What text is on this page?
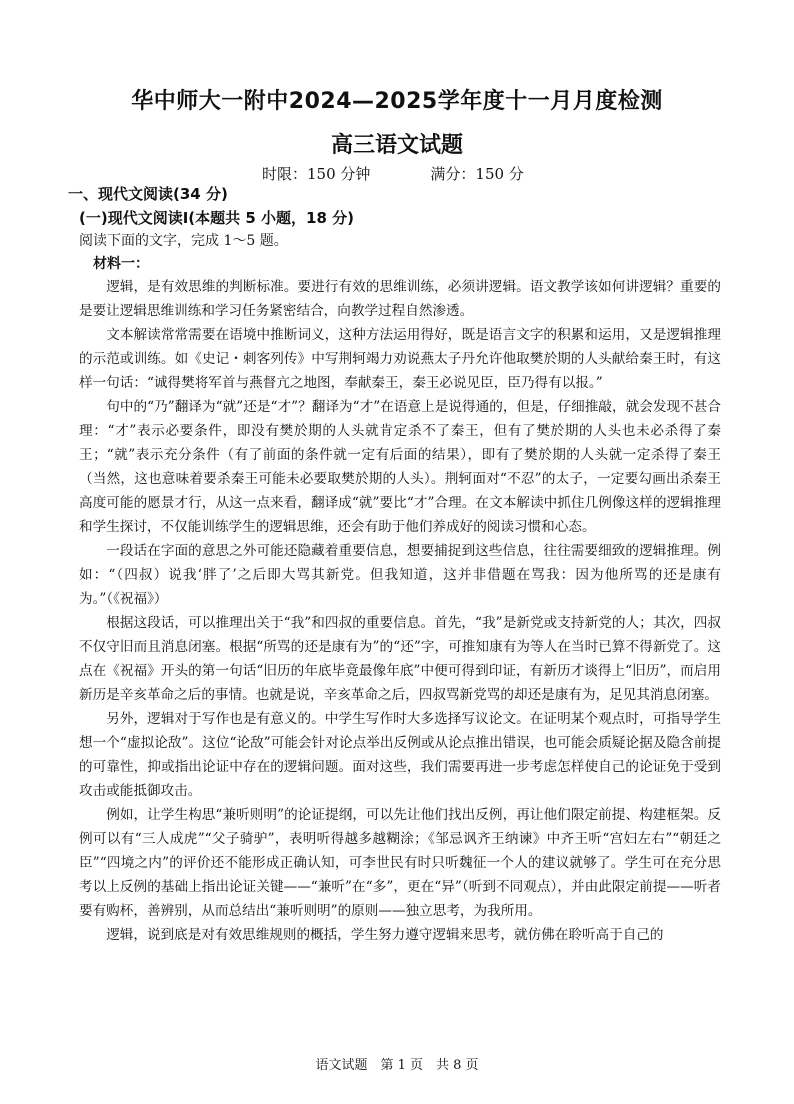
华中师大一附中2024—2025学年度十一月月度检测
高三语文试题
时限：150 分钟	满分：150 分
一、现代文阅读(34 分)
(一)现代文阅读Ⅰ(本题共 5 小题，18 分)
阅读下面的文字，完成 1～5 题。
材料一：

逻辑，是有效思维的判断标准。要进行有效的思维训练，必须讲逻辑。语文教学该如何讲逻辑？重要的是要让逻辑思维训练和学习任务紧密结合，向教学过程自然渗透。

文本解读常常需要在语境中推断词义，这种方法运用得好，既是语言文字的积累和运用，又是逻辑推理的示范或训练。如《史记・刺客列传》中写荆轲竭力劝说燕太子丹允许他取樊於期的人头献给秦王时，有这样一句话：“诚得樊将军首与燕督亢之地图，奉献秦王，秦王必说见臣，臣乃得有以报。”

句中的“乃”翻译为“就”还是“才”？翻译为“才”在语意上是说得通的，但是，仔细推敲，就会发现不甚合理：“才”表示必要条件，即没有樊於期的人头就肯定杀不了秦王，但有了樊於期的人头也未必杀得了秦王；“就”表示充分条件（有了前面的条件就一定有后面的结果），即有了樊於期的人头就一定杀得了秦王（当然，这也意味着要杀秦王可能未必要取樊於期的人头）。荆轲面对“不忍”的太子，一定要勾画出杀秦王高度可能的愿景才行，从这一点来看，翻译成“就”要比“才”合理。在文本解读中抓住几例像这样的逻辑推理和学生探讨，不仅能训练学生的逻辑思维，还会有助于他们养成好的阅读习惯和心态。

一段话在字面的意思之外可能还隐藏着重要信息，想要捕捉到这些信息，往往需要细致的逻辑推理。例如：“（四叔）说我‘胖了’之后即大骂其新党。但我知道，这并非借题在骂我：因为他所骂的还是康有为。”（《祝福》）

根据这段话，可以推理出关于“我”和四叔的重要信息。首先，“我”是新党或支持新党的人；其次，四叔不仅守旧而且消息闭塞。根据“所骂的还是康有为”的“还”字，可推知康有为等人在当时已算不得新党了。这点在《祝福》开头的第一句话“旧历的年底毕竟最像年底”中便可得到印证，有新历才谈得上“旧历”，而启用新历是辛亥革命之后的事情。也就是说，辛亥革命之后，四叔骂新党骂的却还是康有为，足见其消息闭塞。

另外，逻辑对于写作也是有意义的。中学生写作时大多选择写议论文。在证明某个观点时，可指导学生想一个“虚拟论敌”。这位“论敌”可能会针对论点举出反例或从论点推出错误，也可能会质疑论据及隐含前提的可靠性，抑或指出论证中存在的逻辑问题。面对这些，我们需要再进一步考虑怎样使自己的论证免于受到攻击或能抵御攻击。

例如，让学生构思“兼听则明”的论证提纲，可以先让他们找出反例，再让他们限定前提、构建框架。反例可以有“三人成虎”“父子骑驴”，表明听得越多越糊涂；《邹忌讽齐王纳谏》中齐王听“宫妇左右”“朝廷之臣”“四境之内”的评价还不能形成正确认知，可李世民有时只听魏征一个人的建议就够了。学生可在充分思考以上反例的基础上指出论证关键——“兼听”在“多”，更在“异”（听到不同观点），并由此限定前提——听者要有购杯，善辨别，从而总结出“兼听则明”的原则——独立思考，为我所用。

逻辑，说到底是对有效思维规则的概括，学生努力遵守逻辑来思考，就仿佛在聆听高于自己的

语文试题　第 1 页　共 8 页
